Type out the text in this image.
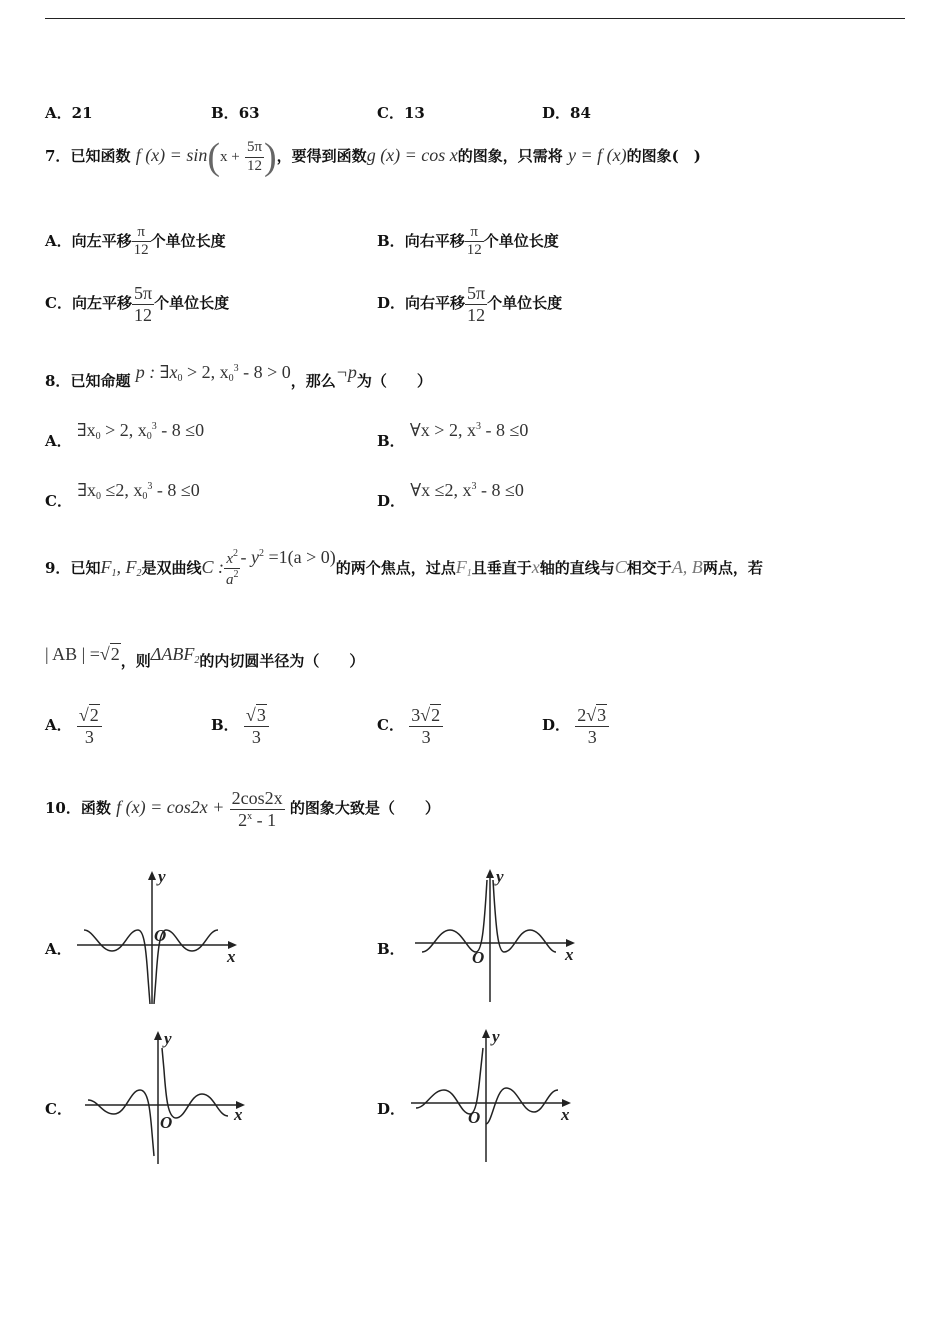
A．21	B．63	C．13	D．84
7．已知函数 f $(x) = \sin(x + \frac{5\pi}{12}$ )，要得到函数g (x) = cos x的图象，只需将 y = f (x)的图象(　)
A．向左平移 $\frac{\pi}{12}$ 个单位长度	B．向右平移 $\frac{\pi}{12}$ 个单位长度
C．向左平移 $\frac{5\pi}{12}$ 个单位长度	D．向右平移 $\frac{5\pi}{12}$ 个单位长度
8．已知命题 p : $\exists x_0 > 2$, $x_0^3 - 8 > 0$，那么¬p为（　　）
A． $\exists x_0 > 2$, $x_0^3 - 8 \le 0$
B． ∀x > 2, $x^3 - 8 \le 0$
C． $\exists x_0 \le 2$, $x_0^3 - 8 \le 0$
D． ∀x ≤2, $x^3 - 8 \le 0$
9．已知$F_1$, $F_2$是双曲线C : $\frac{x^2}{a^2} - y^2 =1(a > 0)$的两个焦点，过点$F_1$且垂直于x轴的直线与C相交于A, B两点，若
| AB | =√2，则$\Delta ABF_2$的内切圆半径为（　　）
A． $\frac{√2}{3}$	B． $\frac{√3}{3}$	C． $\frac{3√2}{3}$	D． $\frac{2√3}{3}$
10．函数 f $(x) = \cos 2x + \frac{2\cos 2x}{2^x - 1}$ 的图象大致是（　　）
A．	B．
C．	D．
y
x
O
y
x
O
y
x
O
y
x
O
